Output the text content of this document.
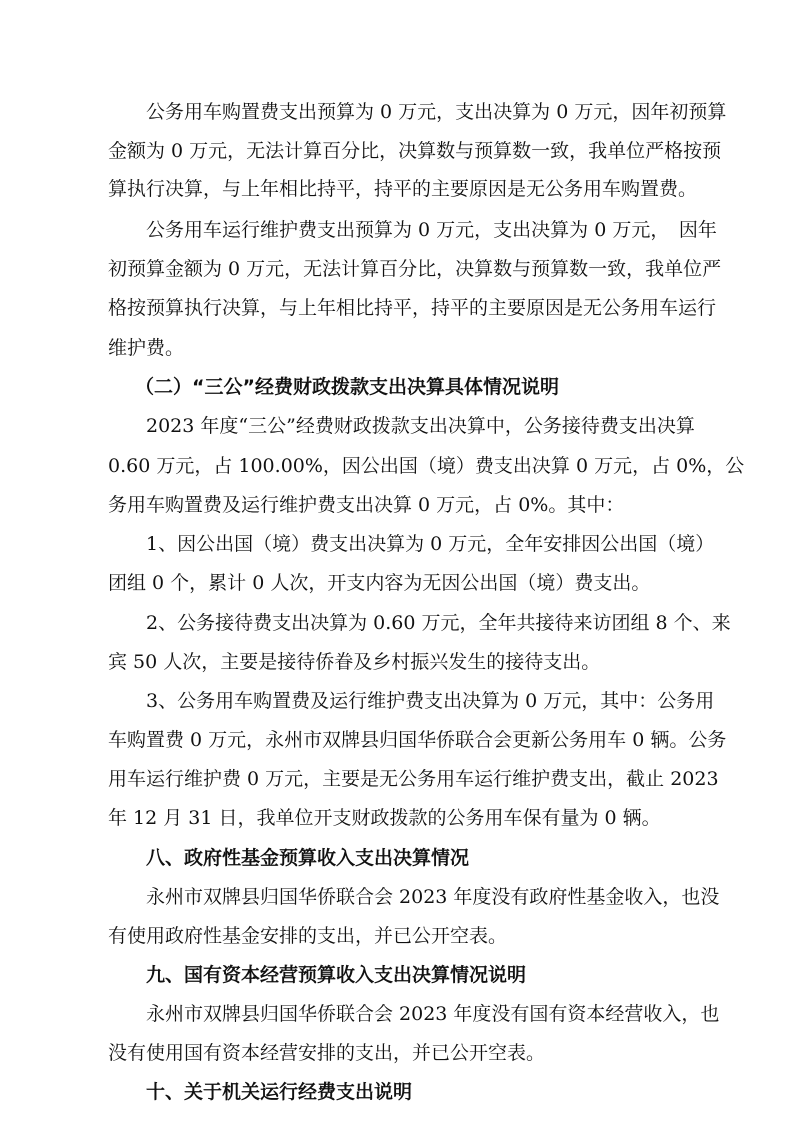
公务用车购置费支出预算为 0 万元，支出决算为 0 万元，因年初预算
金额为 0 万元，无法计算百分比，决算数与预算数一致，我单位严格按预
算执行决算，与上年相比持平，持平的主要原因是无公务用车购置费。
公务用车运行维护费支出预算为 0 万元，支出决算为 0 万元，　因年
初预算金额为 0 万元，无法计算百分比，决算数与预算数一致，我单位严
格按预算执行决算，与上年相比持平，持平的主要原因是无公务用车运行
维护费。
（二）“三公”经费财政拨款支出决算具体情况说明
2023 年度“三公”经费财政拨款支出决算中，公务接待费支出决算
0.60 万元，占 100.00%，因公出国（境）费支出决算 0 万元，占 0%，公
务用车购置费及运行维护费支出决算 0 万元，占 0%。其中：
1、因公出国（境）费支出决算为 0 万元，全年安排因公出国（境）
团组 0 个，累计 0 人次，开支内容为无因公出国（境）费支出。
2、公务接待费支出决算为 0.60 万元，全年共接待来访团组 8 个、来
宾 50 人次，主要是接待侨眷及乡村振兴发生的接待支出。
3、公务用车购置费及运行维护费支出决算为 0 万元，其中：公务用
车购置费 0 万元，永州市双牌县归国华侨联合会更新公务用车 0 辆。公务
用车运行维护费 0 万元，主要是无公务用车运行维护费支出，截止 2023
年 12 月 31 日，我单位开支财政拨款的公务用车保有量为 0 辆。
八、政府性基金预算收入支出决算情况
永州市双牌县归国华侨联合会 2023 年度没有政府性基金收入，也没
有使用政府性基金安排的支出，并已公开空表。
九、国有资本经营预算收入支出决算情况说明
永州市双牌县归国华侨联合会 2023 年度没有国有资本经营收入，也
没有使用国有资本经营安排的支出，并已公开空表。
十、关于机关运行经费支出说明
